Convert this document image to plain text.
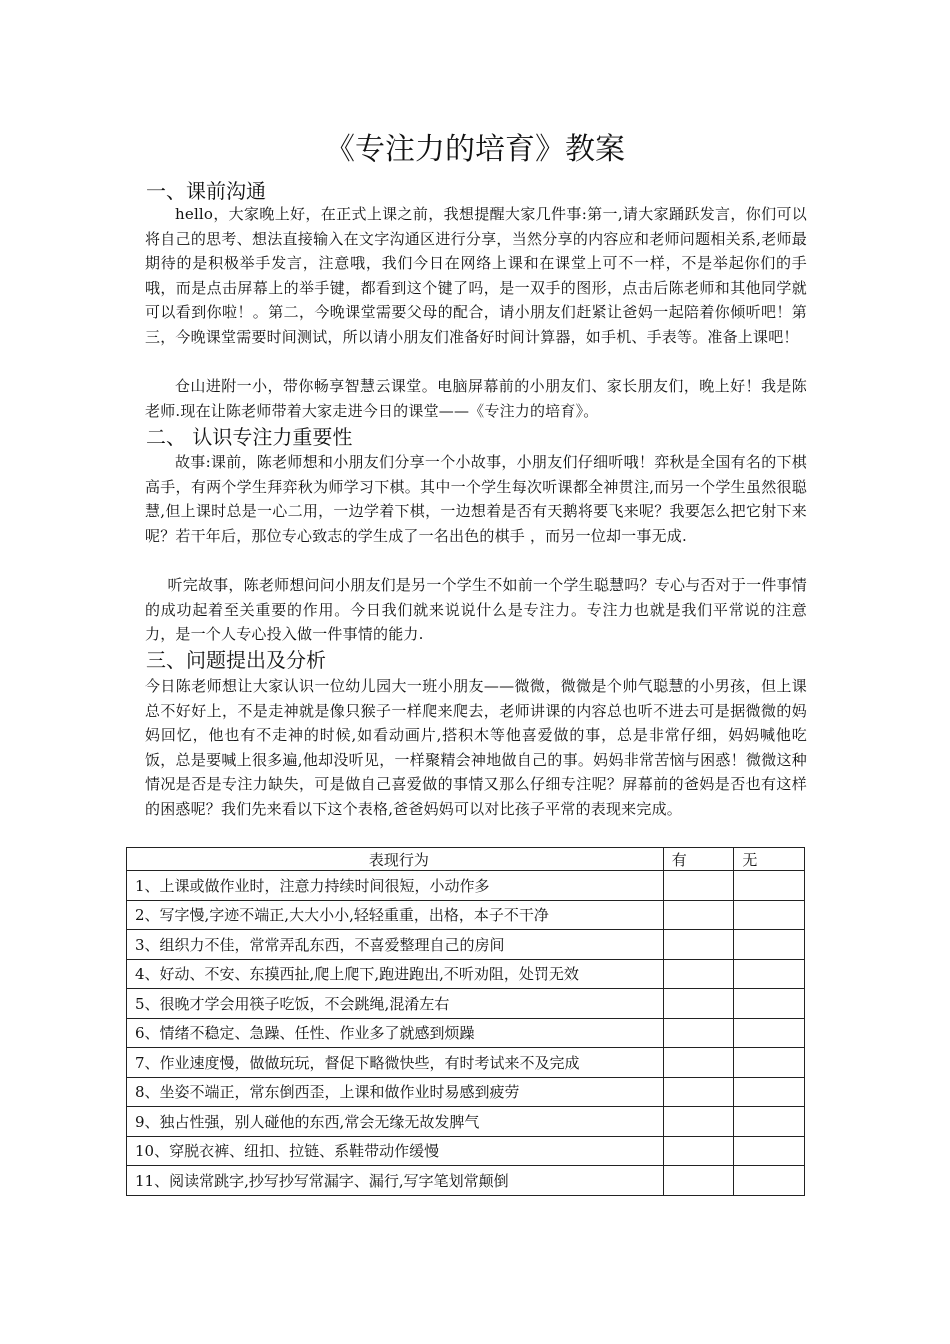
《专注力的培育》教案
一、课前沟通
hello，大家晚上好，在正式上课之前，我想提醒大家几件事:第一,请大家踊跃发言，你们可以将自己的思考、想法直接输入在文字沟通区进行分享，当然分享的内容应和老师问题相关系,老师最期待的是积极举手发言，注意哦，我们今日在网络上课和在课堂上可不一样，不是举起你们的手哦，而是点击屏幕上的举手键，都看到这个键了吗，是一双手的图形，点击后陈老师和其他同学就可以看到你啦！。第二，今晚课堂需要父母的配合，请小朋友们赶紧让爸妈一起陪着你倾听吧！第三，今晚课堂需要时间测试，所以请小朋友们准备好时间计算器，如手机、手表等。准备上课吧！
仓山进附一小，带你畅享智慧云课堂。电脑屏幕前的小朋友们、家长朋友们，晚上好！我是陈老师.现在让陈老师带着大家走进今日的课堂——《专注力的培育》。
二、 认识专注力重要性
故事:课前，陈老师想和小朋友们分享一个小故事，小朋友们仔细听哦！弈秋是全国有名的下棋高手，有两个学生拜弈秋为师学习下棋。其中一个学生每次听课都全神贯注,而另一个学生虽然很聪慧,但上课时总是一心二用，一边学着下棋，一边想着是否有天鹅将要飞来呢？我要怎么把它射下来呢？若干年后，那位专心致志的学生成了一名出色的棋手 ，而另一位却一事无成.
听完故事，陈老师想问问小朋友们是另一个学生不如前一个学生聪慧吗？专心与否对于一件事情的成功起着至关重要的作用。今日我们就来说说什么是专注力。专注力也就是我们平常说的注意力，是一个人专心投入做一件事情的能力.
三、问题提出及分析
今日陈老师想让大家认识一位幼儿园大一班小朋友——微微，微微是个帅气聪慧的小男孩，但上课总不好好上，不是走神就是像只猴子一样爬来爬去，老师讲课的内容总也听不进去可是据微微的妈妈回忆，他也有不走神的时候,如看动画片,搭积木等他喜爱做的事，总是非常仔细，妈妈喊他吃饭，总是要喊上很多遍,他却没听见，一样聚精会神地做自己的事。妈妈非常苦恼与困惑！微微这种情况是否是专注力缺失，可是做自己喜爱做的事情又那么仔细专注呢？屏幕前的爸妈是否也有这样的困惑呢？我们先来看以下这个表格,爸爸妈妈可以对比孩子平常的表现来完成。
表现行为	有	无
1、上课或做作业时，注意力持续时间很短，小动作多		
2、写字慢,字迹不端正,大大小小,轻轻重重，出格，本子不干净		
3、组织力不佳，常常弄乱东西，不喜爱整理自己的房间		
4、好动、不安、东摸西扯,爬上爬下,跑进跑出,不听劝阻，处罚无效		
5、很晚才学会用筷子吃饭，不会跳绳,混淆左右		
6、情绪不稳定、急躁、任性、作业多了就感到烦躁		
7、作业速度慢，做做玩玩，督促下略微快些，有时考试来不及完成		
8、坐姿不端正，常东倒西歪，上课和做作业时易感到疲劳		
9、独占性强，别人碰他的东西,常会无缘无故发脾气		
10、穿脱衣裤、纽扣、拉链、系鞋带动作缓慢		
11、阅读常跳字,抄写抄写常漏字、漏行,写字笔划常颠倒		
